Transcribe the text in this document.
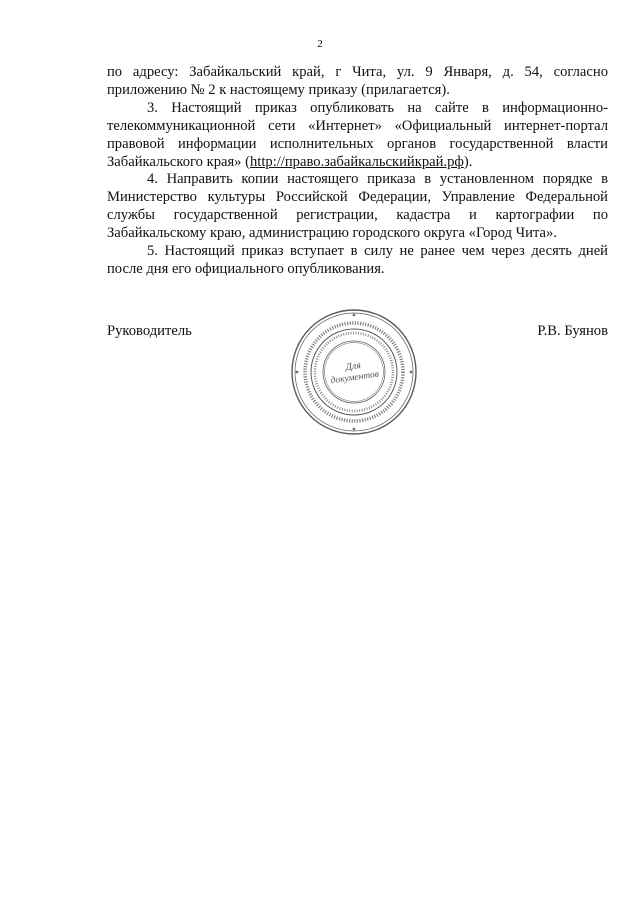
2

по адресу: Забайкальский край, г Чита, ул. 9 Января, д. 54, согласно приложению № 2 к настоящему приказу (прилагается).

3. Настоящий приказ опубликовать на сайте в информационно-телекоммуникационной сети «Интернет» «Официальный интернет-портал правовой информации исполнительных органов государственной власти Забайкальского края» (http://право.забайкальскийкрай.рф).

4. Направить копии настоящего приказа в установленном порядке в Министерство культуры Российской Федерации, Управление Федеральной службы государственной регистрации, кадастра и картографии по Забайкальскому краю, администрацию городского округа «Город Чита».

5. Настоящий приказ вступает в силу не ранее чем через десять дней после дня его официального опубликования.

Руководитель
Для
документов
Р.В. Буянов
